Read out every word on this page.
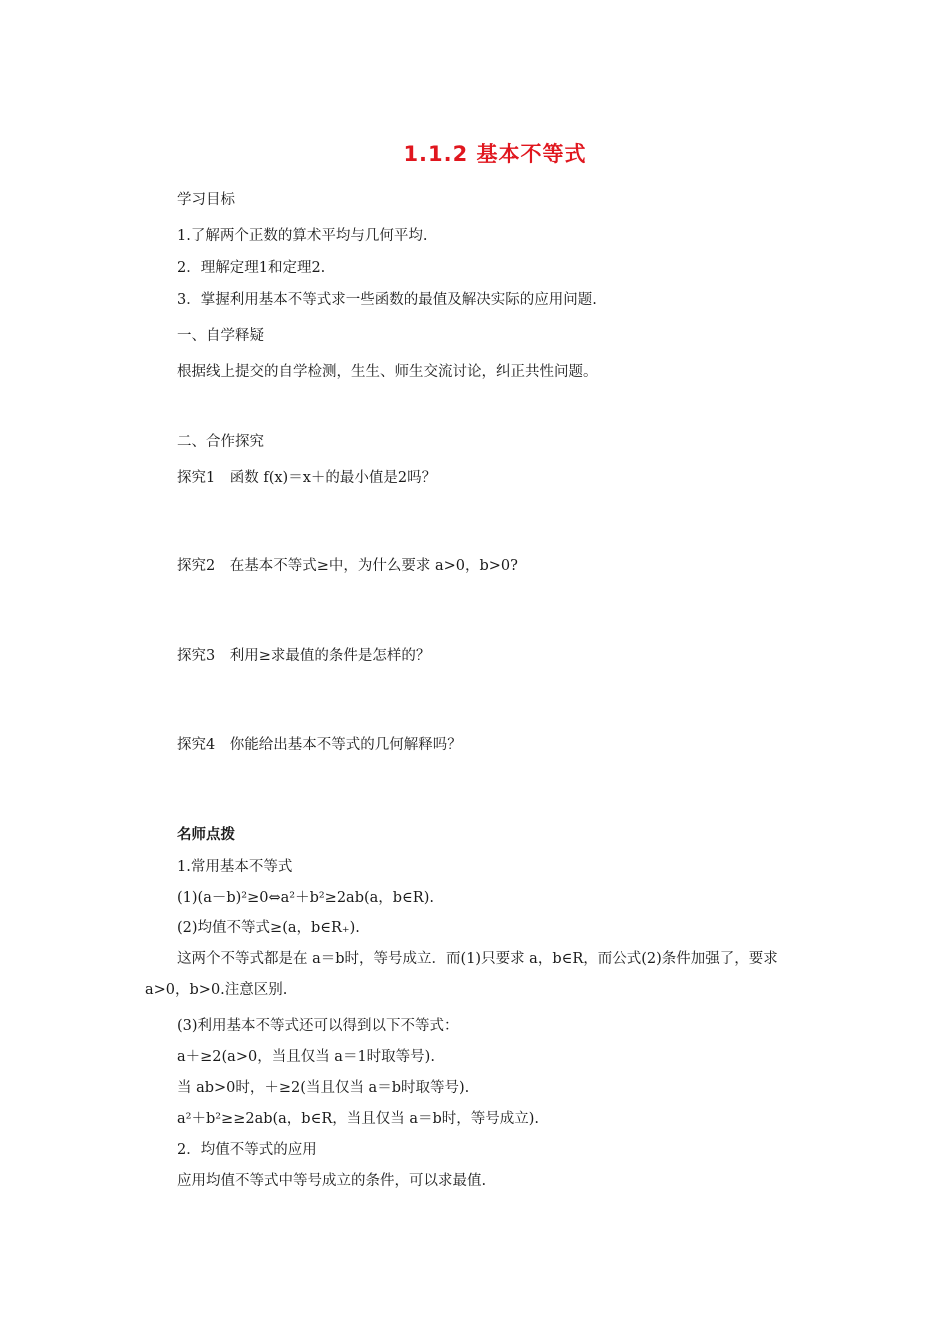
1.1.2 基本不等式
学习目标
1.了解两个正数的算术平均与几何平均.
2．理解定理1和定理2.
3．掌握利用基本不等式求一些函数的最值及解决实际的应用问题.
一、自学释疑
根据线上提交的自学检测，生生、师生交流讨论，纠正共性问题。
二、合作探究
探究1　函数 f(x)＝x＋的最小值是2吗？
探究2　在基本不等式≥中，为什么要求 a>0，b>0?
探究3　利用≥求最值的条件是怎样的？
探究4　你能给出基本不等式的几何解释吗？
名师点拨
1.常用基本不等式
(1)(a－b)²≥0⇔a²＋b²≥2ab(a，b∈R).
(2)均值不等式≥(a，b∈R₊).
这两个不等式都是在 a＝b时，等号成立．而(1)只要求 a，b∈R，而公式(2)条件加强了，要求 a>0，b>0.注意区别.
(3)利用基本不等式还可以得到以下不等式：
a＋≥2(a>0，当且仅当 a＝1时取等号).
当 ab>0时，＋≥2(当且仅当 a＝b时取等号).
a²＋b²≥≥2ab(a，b∈R，当且仅当 a＝b时，等号成立).
2．均值不等式的应用
应用均值不等式中等号成立的条件，可以求最值.
